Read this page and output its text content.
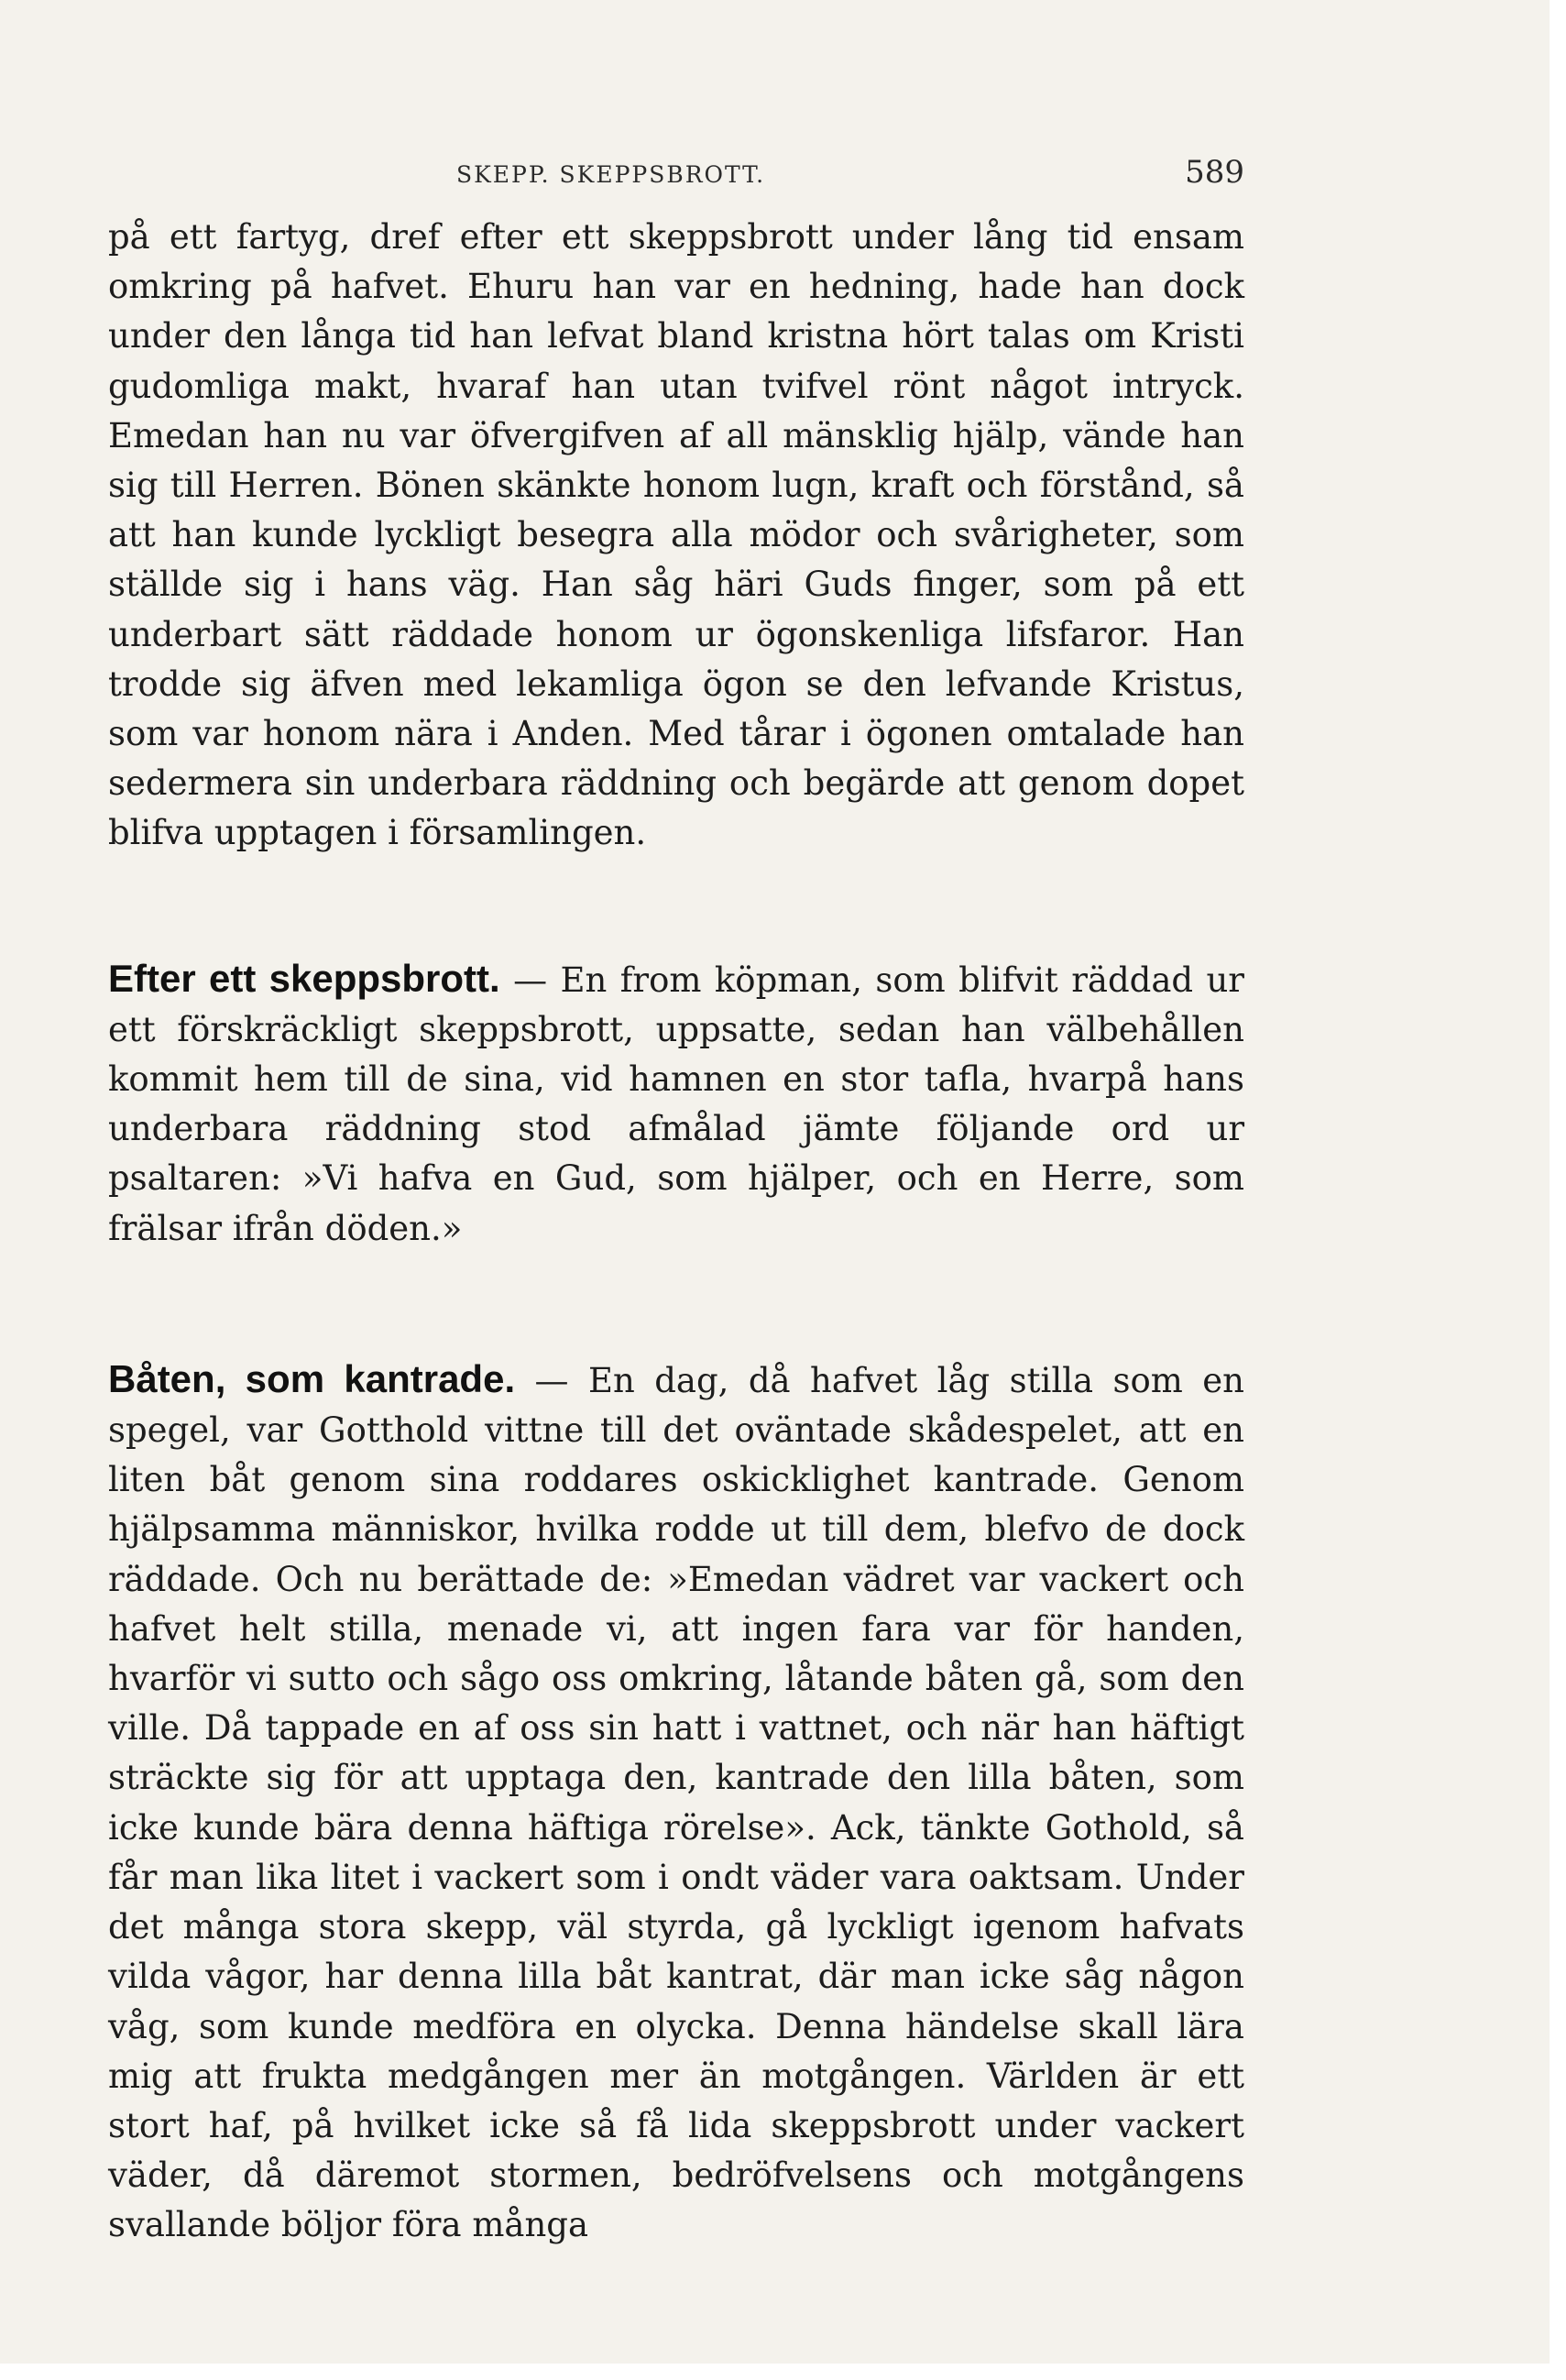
SKEPP. SKEPPSBROTT.	589

på ett fartyg, dref efter ett skeppsbrott under lång tid ensam omkring på hafvet. Ehuru han var en hedning, hade han dock under den långa tid han lefvat bland kristna hört talas om Kristi gudomliga makt, hvaraf han utan tvifvel rönt något intryck. Emedan han nu var öfvergifven af all mänsklig hjälp, vände han sig till Herren. Bönen skänkte honom lugn, kraft och förstånd, så att han kunde lyckligt besegra alla mödor och svårigheter, som ställde sig i hans väg. Han såg häri Guds finger, som på ett underbart sätt räddade honom ur ögonskenliga lifsfaror. Han trodde sig äfven med lekamliga ögon se den lefvande Kristus, som var honom nära i Anden. Med tårar i ögonen omtalade han sedermera sin underbara räddning och begärde att genom dopet blifva upptagen i församlingen.

Efter ett skeppsbrott. — En from köpman, som blifvit räddad ur ett förskräckligt skeppsbrott, uppsatte, sedan han välbehållen kommit hem till de sina, vid hamnen en stor tafla, hvarpå hans underbara räddning stod afmålad jämte följande ord ur psaltaren: »Vi hafva en Gud, som hjälper, och en Herre, som frälsar ifrån döden.»

Båten, som kantrade. — En dag, då hafvet låg stilla som en spegel, var Gotthold vittne till det oväntade skådespelet, att en liten båt genom sina roddares oskicklighet kantrade. Genom hjälpsamma människor, hvilka rodde ut till dem, blefvo de dock räddade. Och nu berättade de: »Emedan vädret var vackert och hafvet helt stilla, menade vi, att ingen fara var för handen, hvarför vi sutto och sågo oss omkring, låtande båten gå, som den ville. Då tappade en af oss sin hatt i vattnet, och när han häftigt sträckte sig för att upptaga den, kantrade den lilla båten, som icke kunde bära denna häftiga rörelse». Ack, tänkte Gothold, så får man lika litet i vackert som i ondt väder vara oaktsam. Under det många stora skepp, väl styrda, gå lyckligt igenom hafvats vilda vågor, har denna lilla båt kantrat, där man icke såg någon våg, som kunde medföra en olycka. Denna händelse skall lära mig att frukta medgången mer än motgången. Världen är ett stort haf, på hvilket icke så få lida skeppsbrott under vackert väder, då däremot stormen, bedröfvelsens och motgångens svallande böljor föra många
